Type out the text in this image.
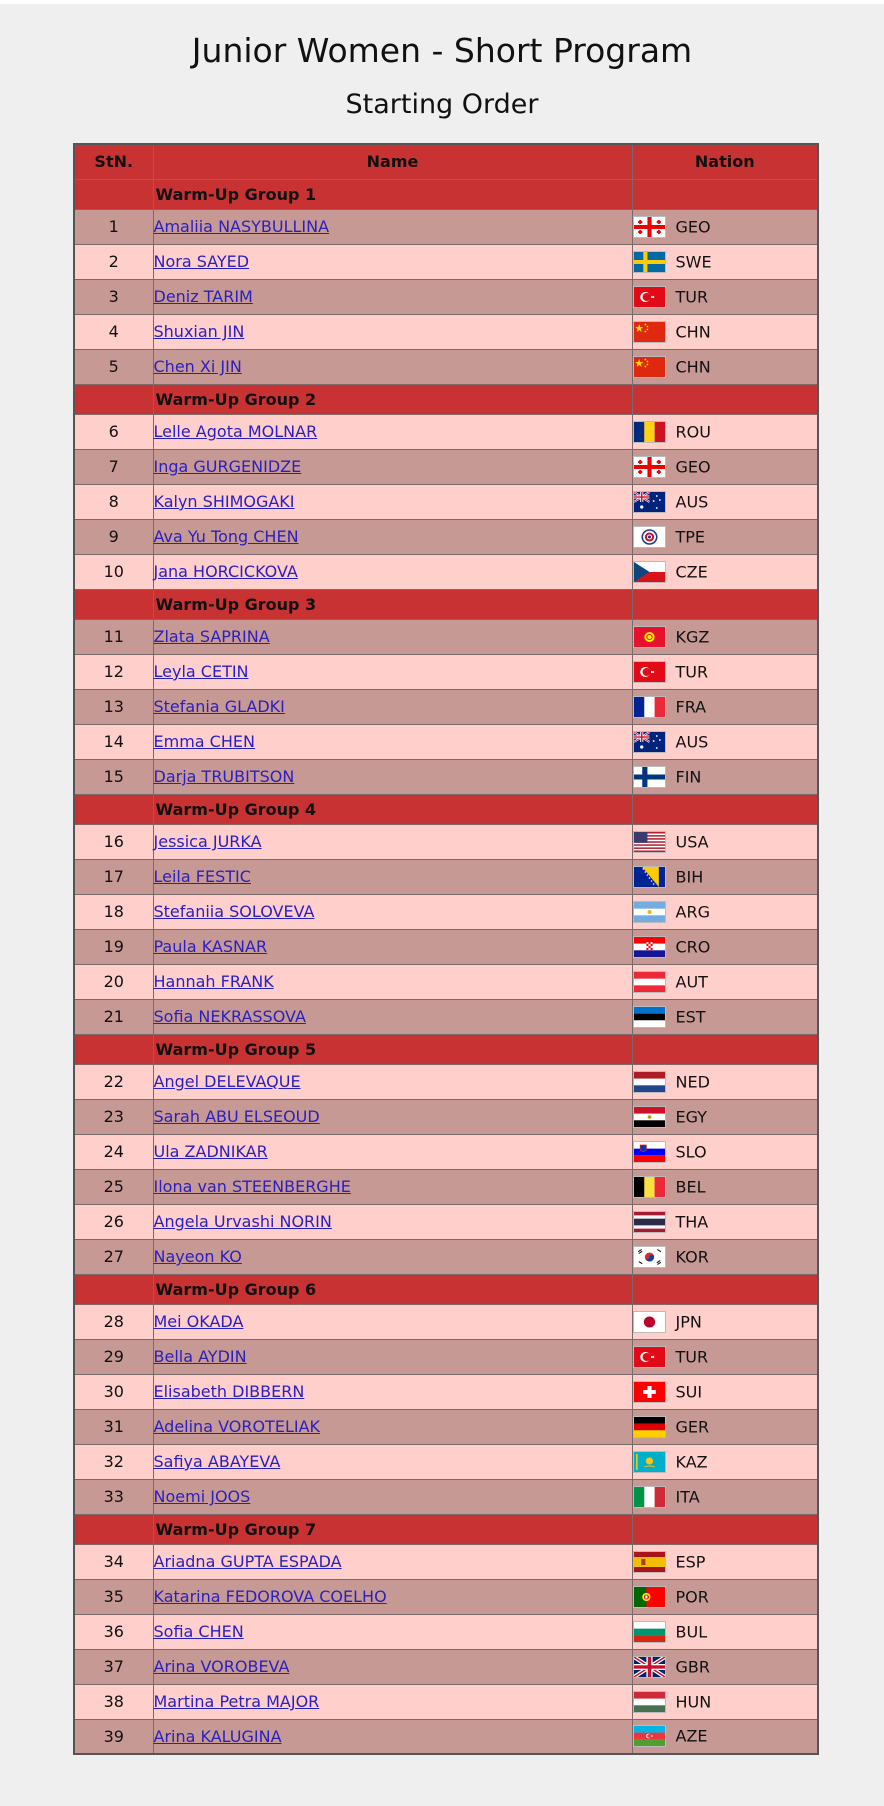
Junior Women - Short Program
Starting Order
StN.	Name	Nation
	Warm-Up Group 1	
1	Amaliia NASYBULLINA	GEO
2	Nora SAYED	SWE
3	Deniz TARIM	TUR
4	Shuxian JIN	CHN
5	Chen Xi JIN	CHN
	Warm-Up Group 2	
6	Lelle Agota MOLNAR	ROU
7	Inga GURGENIDZE	GEO
8	Kalyn SHIMOGAKI	AUS
9	Ava Yu Tong CHEN	TPE
10	Jana HORCICKOVA	CZE
	Warm-Up Group 3	
11	Zlata SAPRINA	KGZ
12	Leyla CETIN	TUR
13	Stefania GLADKI	FRA
14	Emma CHEN	AUS
15	Darja TRUBITSON	FIN
	Warm-Up Group 4	
16	Jessica JURKA	USA
17	Leila FESTIC	BIH
18	Stefaniia SOLOVEVA	ARG
19	Paula KASNAR	CRO
20	Hannah FRANK	AUT
21	Sofia NEKRASSOVA	EST
	Warm-Up Group 5	
22	Angel DELEVAQUE	NED
23	Sarah ABU ELSEOUD	EGY
24	Ula ZADNIKAR	SLO
25	Ilona van STEENBERGHE	BEL
26	Angela Urvashi NORIN	THA
27	Nayeon KO	KOR
	Warm-Up Group 6	
28	Mei OKADA	JPN
29	Bella AYDIN	TUR
30	Elisabeth DIBBERN	SUI
31	Adelina VOROTELIAK	GER
32	Safiya ABAYEVA	KAZ
33	Noemi JOOS	ITA
	Warm-Up Group 7	
34	Ariadna GUPTA ESPADA	ESP
35	Katarina FEDOROVA COELHO	POR
36	Sofia CHEN	BUL
37	Arina VOROBEVA	GBR
38	Martina Petra MAJOR	HUN
39	Arina KALUGINA	AZE
